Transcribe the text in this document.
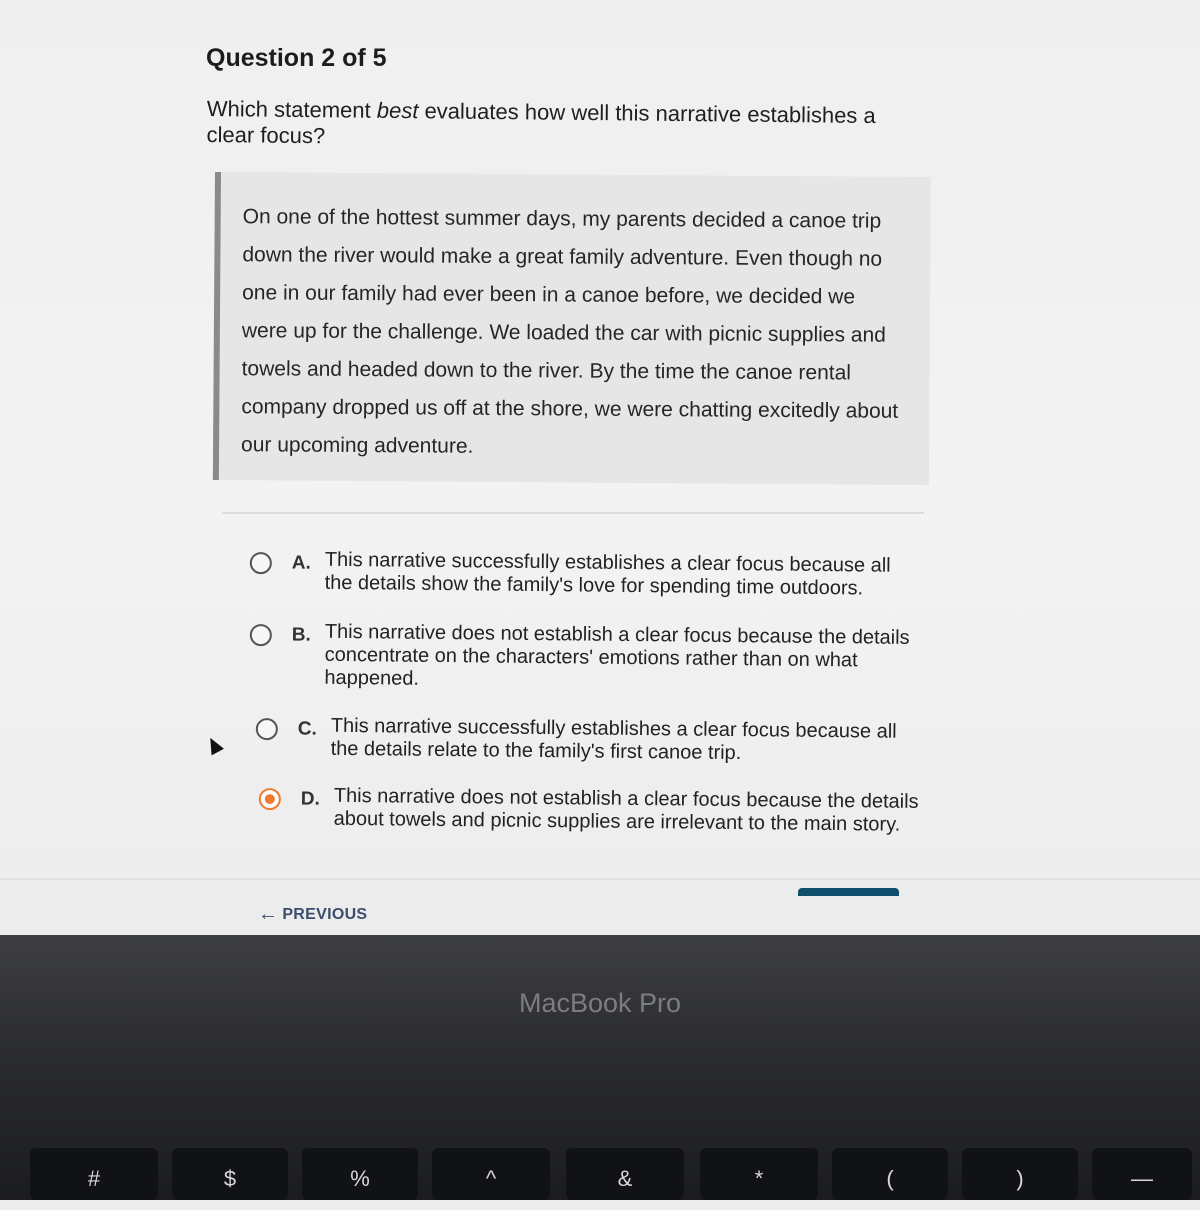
Question 2 of 5
Which statement best evaluates how well this narrative establishes a clear focus?

On one of the hottest summer days, my parents decided a canoe trip down the river would make a great family adventure. Even though no one in our family had ever been in a canoe before, we decided we were up for the challenge. We loaded the car with picnic supplies and towels and headed down to the river. By the time the canoe rental company dropped us off at the shore, we were chatting excitedly about our upcoming adventure.

A. This narrative successfully establishes a clear focus because all the details show the family's love for spending time outdoors.
B. This narrative does not establish a clear focus because the details concentrate on the characters' emotions rather than on what happened.
C. This narrative successfully establishes a clear focus because all the details relate to the family's first canoe trip.
D. This narrative does not establish a clear focus because the details about towels and picnic supplies are irrelevant to the main story.
← PREVIOUS
MacBook Pro
#	$	%	^	&	*	(	)	—
